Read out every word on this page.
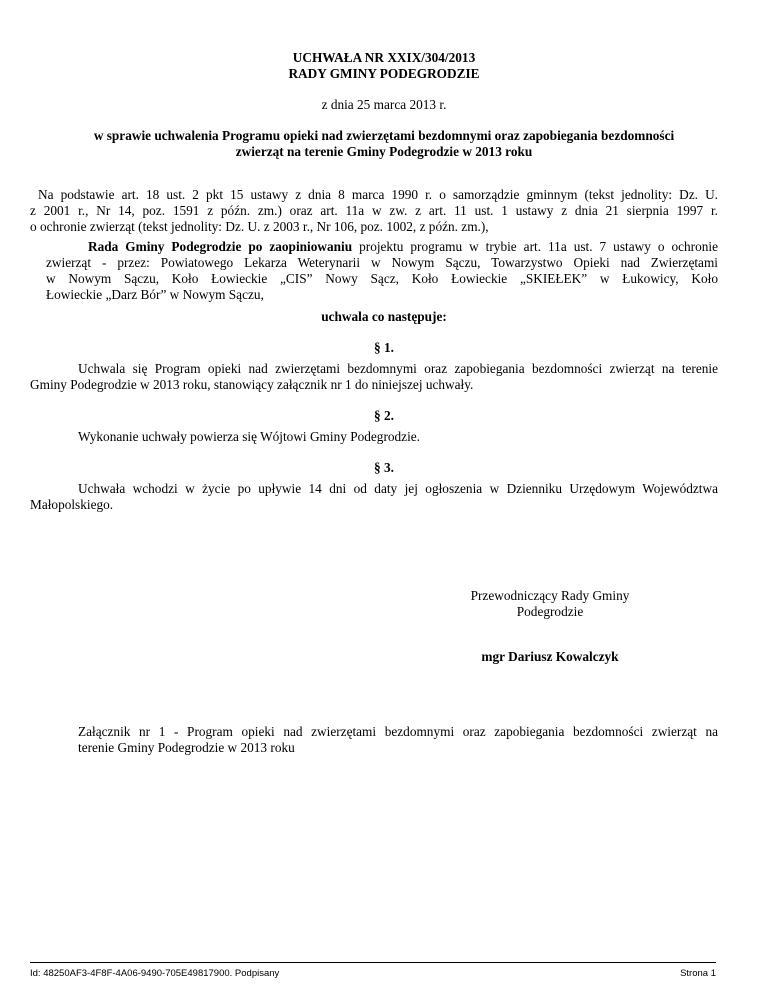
UCHWAŁA NR XXIX/304/2013

RADY GMINY PODEGRODZIE

z dnia 25 marca 2013 r.

w sprawie uchwalenia Programu opieki nad zwierzętami bezdomnymi oraz zapobiegania bezdomności

zwierząt na terenie Gminy Podegrodzie w 2013 roku

Na podstawie art. 18 ust. 2 pkt 15 ustawy z dnia 8 marca 1990 r. o samorządzie gminnym (tekst jednolity: Dz. U.

z 2001 r., Nr 14, poz. 1591 z późn. zm.) oraz art. 11a w zw. z art. 11 ust. 1 ustawy z dnia 21 sierpnia 1997 r.

o ochronie zwierząt (tekst jednolity: Dz. U. z 2003 r., Nr 106, poz. 1002, z późn. zm.),

Rada Gminy Podegrodzie po zaopiniowaniu projektu programu w trybie art. 11a ust. 7 ustawy o ochronie

zwierząt - przez: Powiatowego Lekarza Weterynarii w Nowym Sączu, Towarzystwo Opieki nad Zwierzętami

w Nowym Sączu, Koło Łowieckie „CIS” Nowy Sącz, Koło Łowieckie „SKIEŁEK” w Łukowicy, Koło

Łowieckie „Darz Bór” w Nowym Sączu,

uchwala co następuje:

§ 1.

Uchwala się Program opieki nad zwierzętami bezdomnymi oraz zapobiegania bezdomności zwierząt na terenie

Gminy Podegrodzie w 2013 roku, stanowiący załącznik nr 1 do niniejszej uchwały.

§ 2.

Wykonanie uchwały powierza się Wójtowi Gminy Podegrodzie.

§ 3.

Uchwała wchodzi w życie po upływie 14 dni od daty jej ogłoszenia w Dzienniku Urzędowym Województwa

Małopolskiego.

Przewodniczący Rady Gminy

Podegrodzie

mgr Dariusz Kowalczyk

Załącznik nr 1 - Program opieki nad zwierzętami bezdomnymi oraz zapobiegania bezdomności zwierząt na

terenie Gminy Podegrodzie w 2013 roku

Id: 48250AF3-4F8F-4A06-9490-705E49817900. Podpisany	Strona 1
